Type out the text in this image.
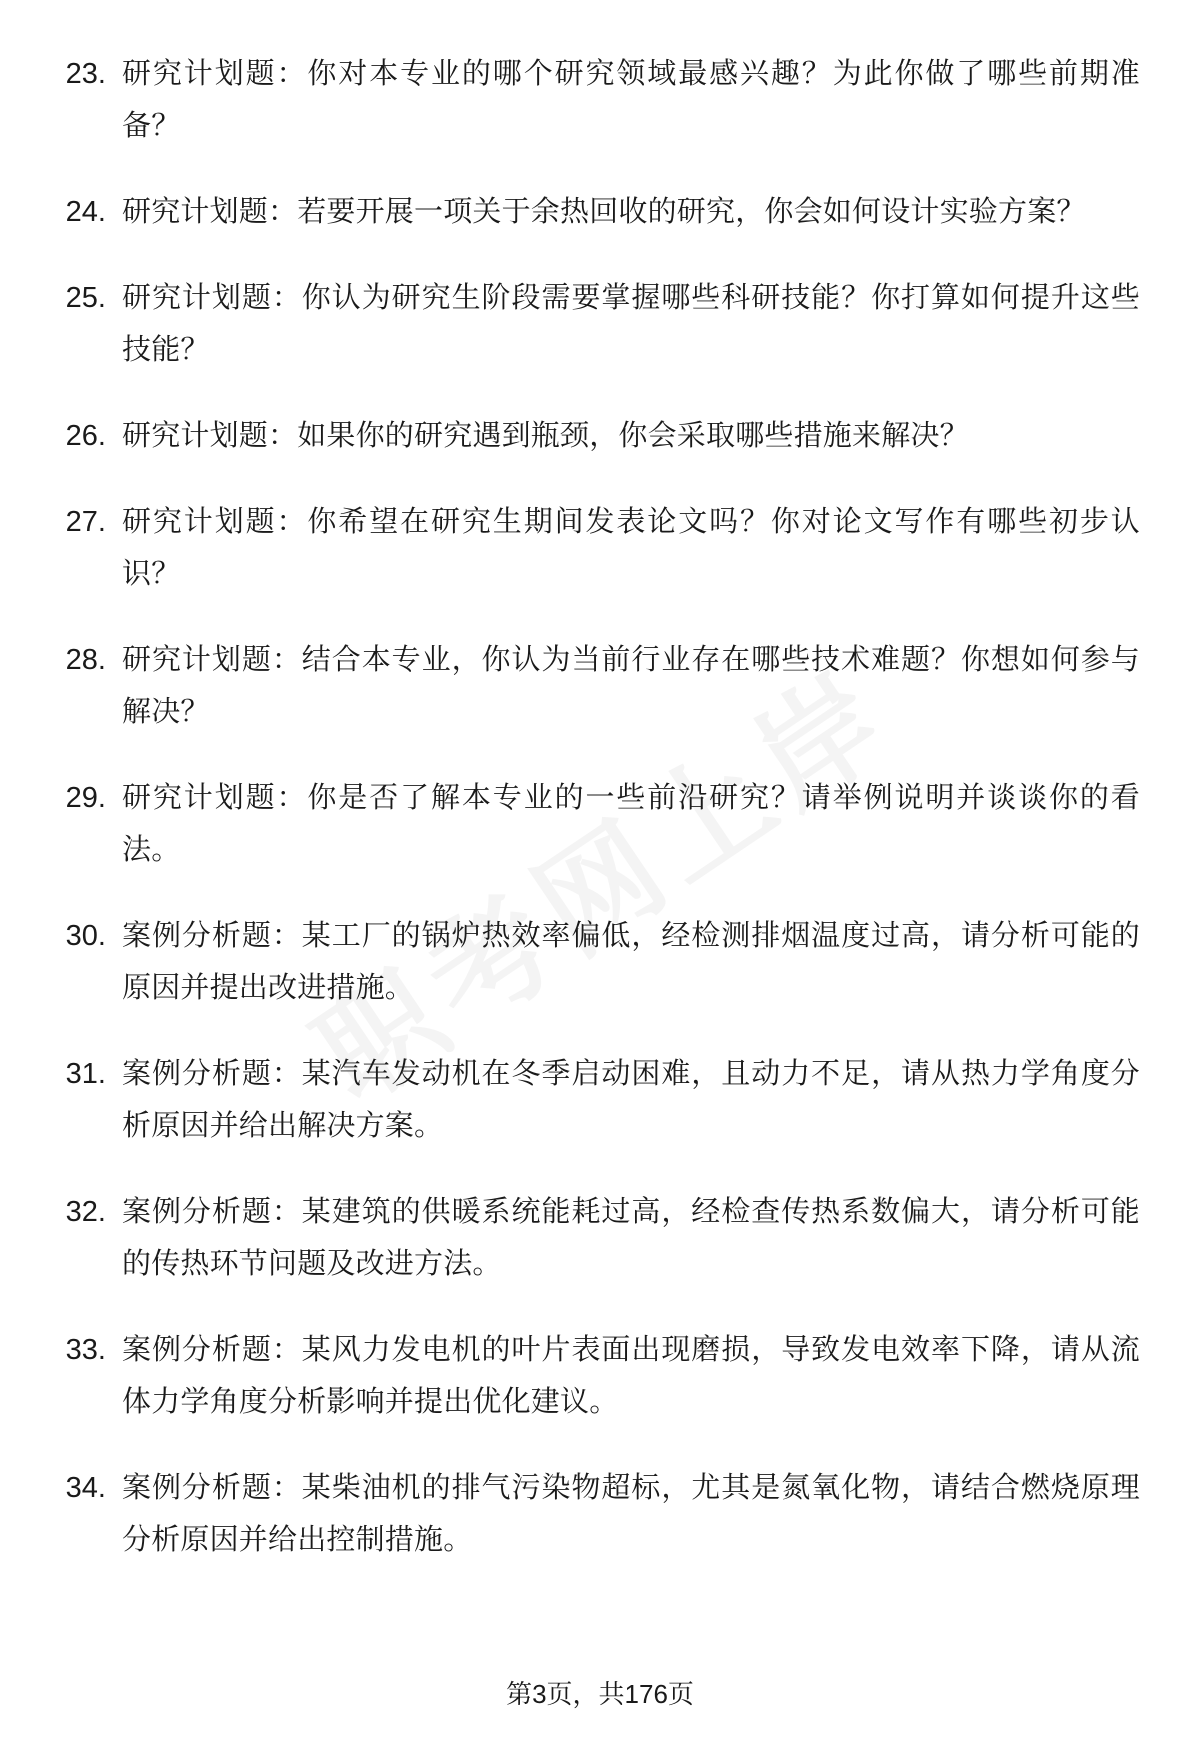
23. 研究计划题：你对本专业的哪个研究领域最感兴趣？为此你做了哪些前期准备？
24. 研究计划题：若要开展一项关于余热回收的研究，你会如何设计实验方案？
25. 研究计划题：你认为研究生阶段需要掌握哪些科研技能？你打算如何提升这些技能？
26. 研究计划题：如果你的研究遇到瓶颈，你会采取哪些措施来解决？
27. 研究计划题：你希望在研究生期间发表论文吗？你对论文写作有哪些初步认识？
28. 研究计划题：结合本专业，你认为当前行业存在哪些技术难题？你想如何参与解决？
29. 研究计划题：你是否了解本专业的一些前沿研究？请举例说明并谈谈你的看法。
30. 案例分析题：某工厂的锅炉热效率偏低，经检测排烟温度过高，请分析可能的原因并提出改进措施。
31. 案例分析题：某汽车发动机在冬季启动困难，且动力不足，请从热力学角度分析原因并给出解决方案。
32. 案例分析题：某建筑的供暖系统能耗过高，经检查传热系数偏大，请分析可能的传热环节问题及改进方法。
33. 案例分析题：某风力发电机的叶片表面出现磨损，导致发电效率下降，请从流体力学角度分析影响并提出优化建议。
34. 案例分析题：某柴油机的排气污染物超标，尤其是氮氧化物，请结合燃烧原理分析原因并给出控制措施。
第3页，共176页
